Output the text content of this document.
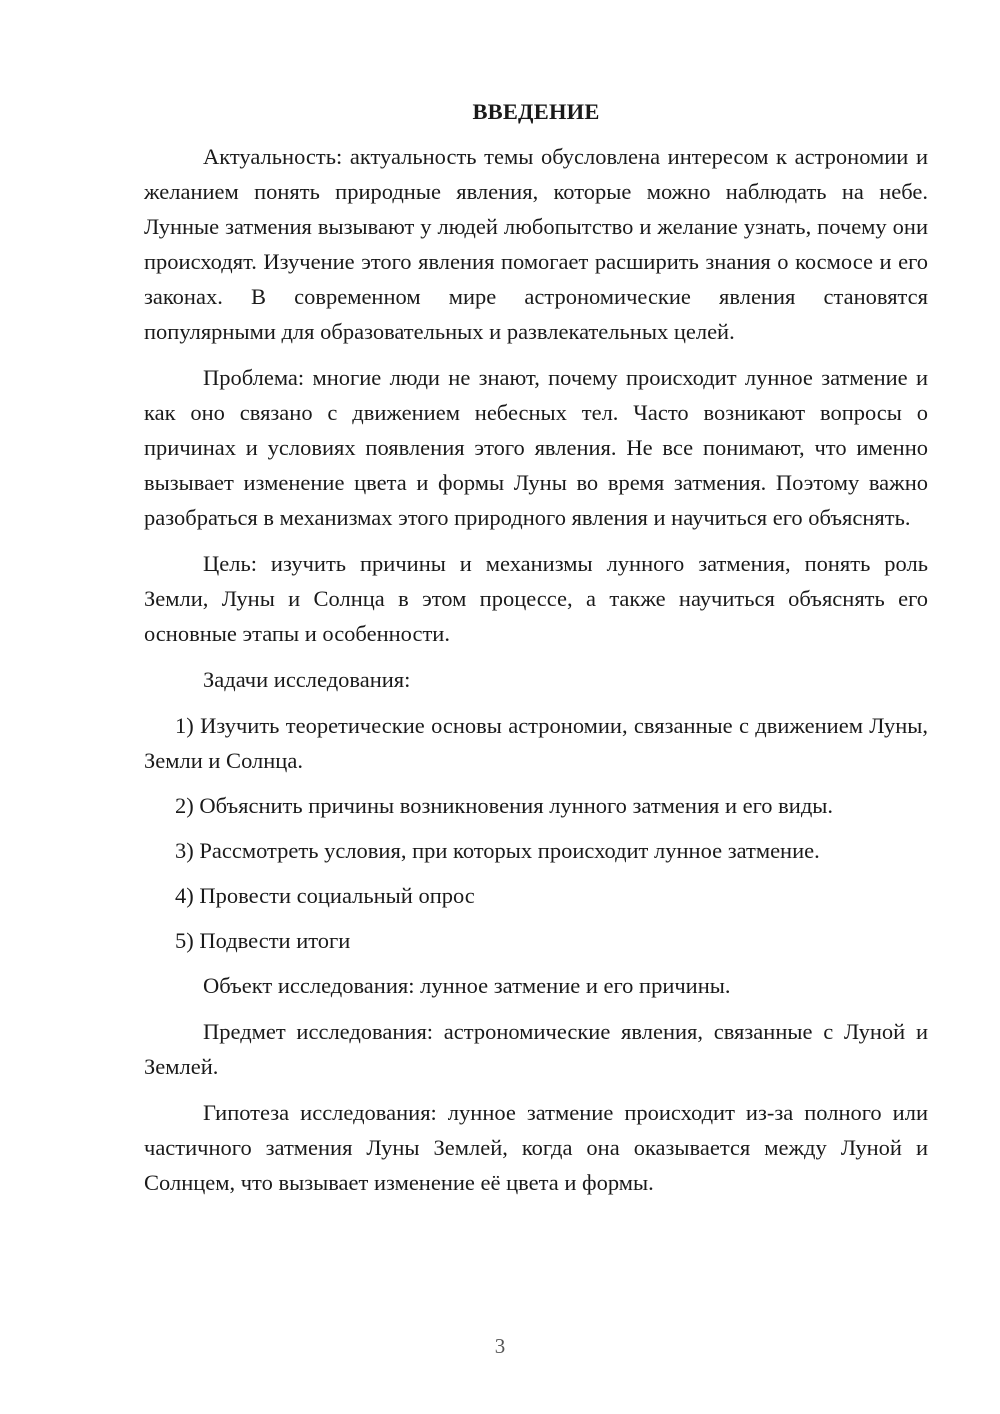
ВВЕДЕНИЕ

Актуальность: актуальность темы обусловлена интересом к астрономии и желанием понять природные явления, которые можно наблюдать на небе. Лунные затмения вызывают у людей любопытство и желание узнать, почему они происходят. Изучение этого явления помогает расширить знания о космосе и его законах. В современном мире астрономические явления становятся популярными для образовательных и развлекательных целей.

Проблема: многие люди не знают, почему происходит лунное затмение и как оно связано с движением небесных тел. Часто возникают вопросы о причинах и условиях появления этого явления. Не все понимают, что именно вызывает изменение цвета и формы Луны во время затмения. Поэтому важно разобраться в механизмах этого природного явления и научиться его объяснять.

Цель: изучить причины и механизмы лунного затмения, понять роль Земли, Луны и Солнца в этом процессе, а также научиться объяснять его основные этапы и особенности.

Задачи исследования:

1) Изучить теоретические основы астрономии, связанные с движением Луны, Земли и Солнца.

2) Объяснить причины возникновения лунного затмения и его виды.

3) Рассмотреть условия, при которых происходит лунное затмение.

4) Провести социальный опрос

5) Подвести итоги

Объект исследования: лунное затмение и его причины.

Предмет исследования: астрономические явления, связанные с Луной и Землей.

Гипотеза исследования: лунное затмение происходит из-за полного или частичного затмения Луны Землей, когда она оказывается между Луной и Солнцем, что вызывает изменение её цвета и формы.

3
